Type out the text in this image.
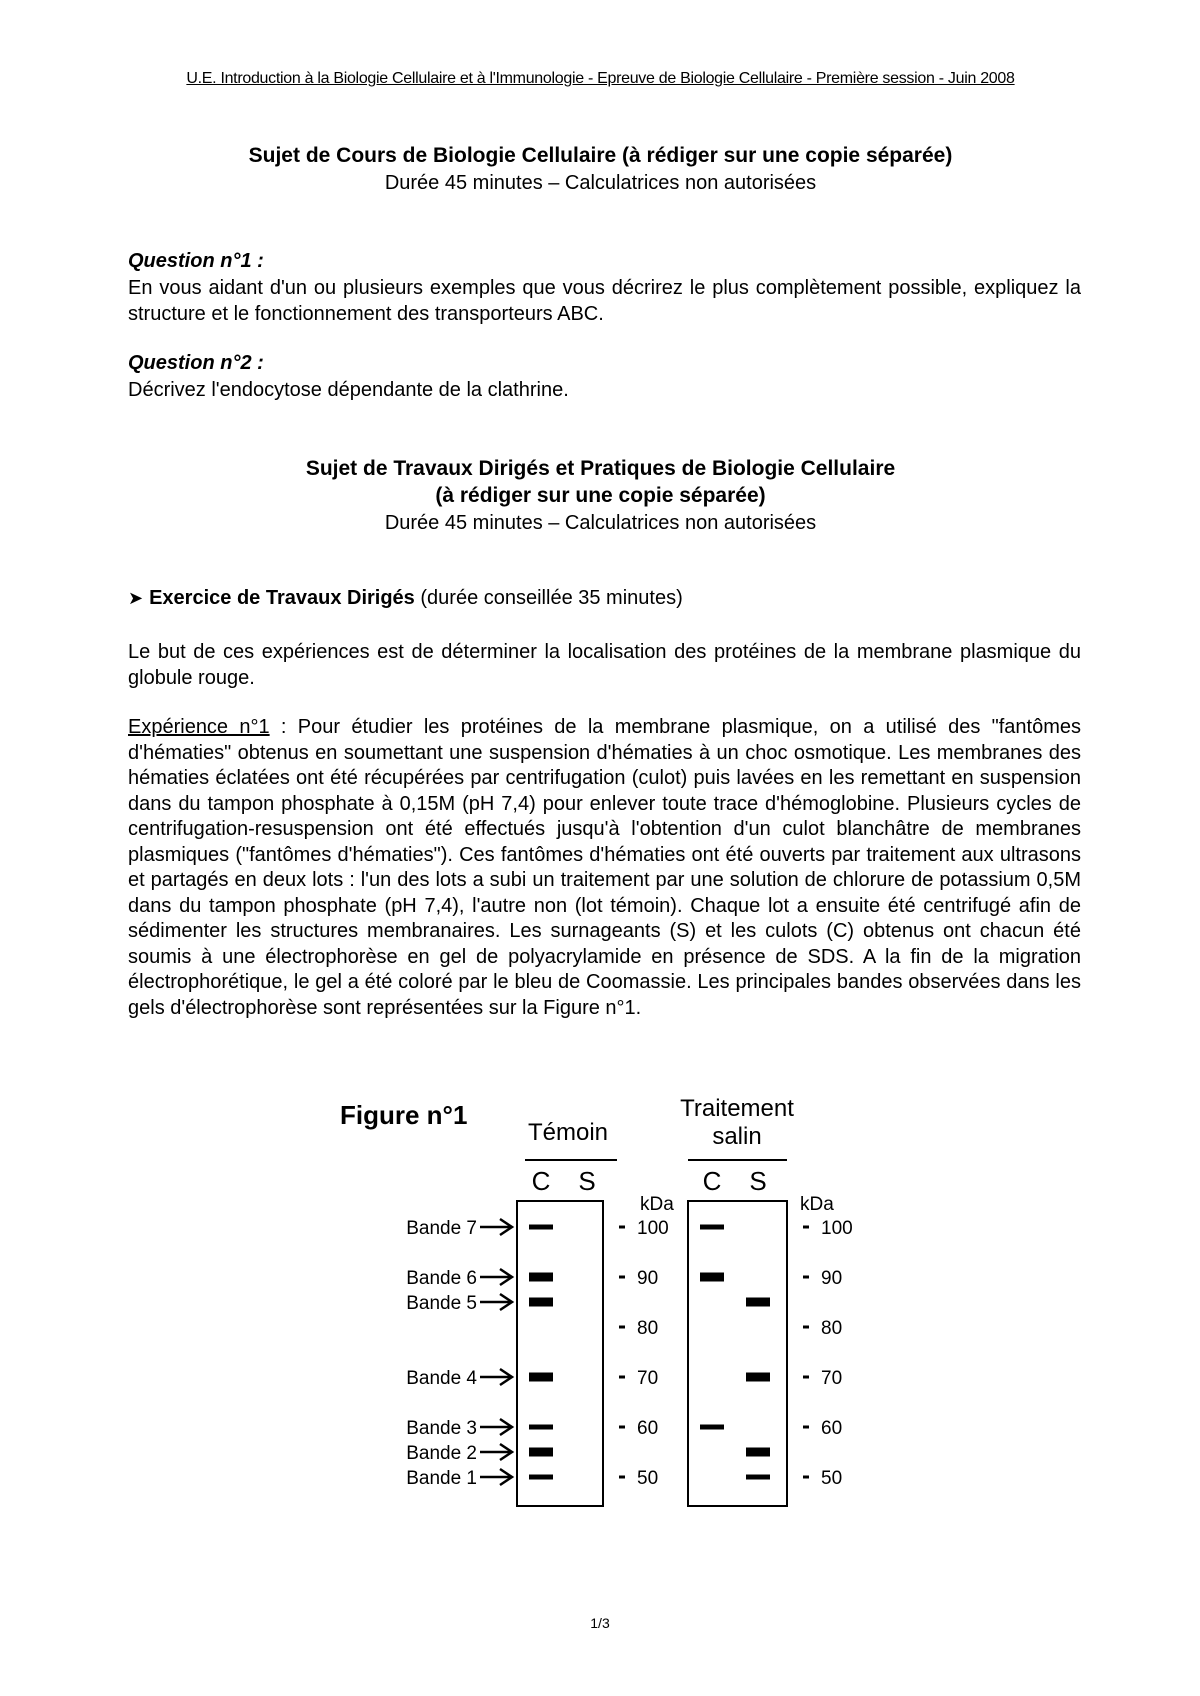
U.E. Introduction à la Biologie Cellulaire et à l'Immunologie - Epreuve de Biologie Cellulaire - Première session - Juin 2008
Sujet de Cours de Biologie Cellulaire (à rédiger sur une copie séparée)
Durée 45 minutes – Calculatrices non autorisées
Question n°1 :

En vous aidant d'un ou plusieurs exemples que vous décrirez le plus complètement possible, expliquez la structure et le fonctionnement des transporteurs ABC.

Question n°2 :

Décrivez l'endocytose dépendante de la clathrine.

Sujet de Travaux Dirigés et Pratiques de Biologie Cellulaire
(à rédiger sur une copie séparée)
Durée 45 minutes – Calculatrices non autorisées
➤ Exercice de Travaux Dirigés (durée conseillée 35 minutes)

Le but de ces expériences est de déterminer la localisation des protéines de la membrane plasmique du globule rouge.

Expérience n°1 : Pour étudier les protéines de la membrane plasmique, on a utilisé des "fantômes d'hématies" obtenus en soumettant une suspension d'hématies à un choc osmotique. Les membranes des hématies éclatées ont été récupérées par centrifugation (culot) puis lavées en les remettant en suspension dans du tampon phosphate à 0,15M (pH 7,4) pour enlever toute trace d'hémoglobine. Plusieurs cycles de centrifugation-resuspension ont été effectués jusqu'à l'obtention d'un culot blanchâtre de membranes plasmiques ("fantômes d'hématies"). Ces fantômes d'hématies ont été ouverts par traitement aux ultrasons et partagés en deux lots : l'un des lots a subi un traitement par une solution de chlorure de potassium 0,5M dans du tampon phosphate (pH 7,4), l'autre non (lot témoin). Chaque lot a ensuite été centrifugé afin de sédimenter les structures membranaires. Les surnageants (S) et les culots (C) obtenus ont chacun été soumis à une électrophorèse en gel de polyacrylamide en présence de SDS. A la fin de la migration électrophorétique, le gel a été coloré par le bleu de Coomassie. Les principales bandes observées dans les gels d'électrophorèse sont représentées sur la Figure n°1.

Figure n°1
Témoin
C S
kDa
100
90
80
70
60
50
Traitement
salin
C S
kDa
100
90
80
70
60
50
Bande 7
Bande 6
Bande 5
Bande 4
Bande 3
Bande 2
Bande 1
1/3
